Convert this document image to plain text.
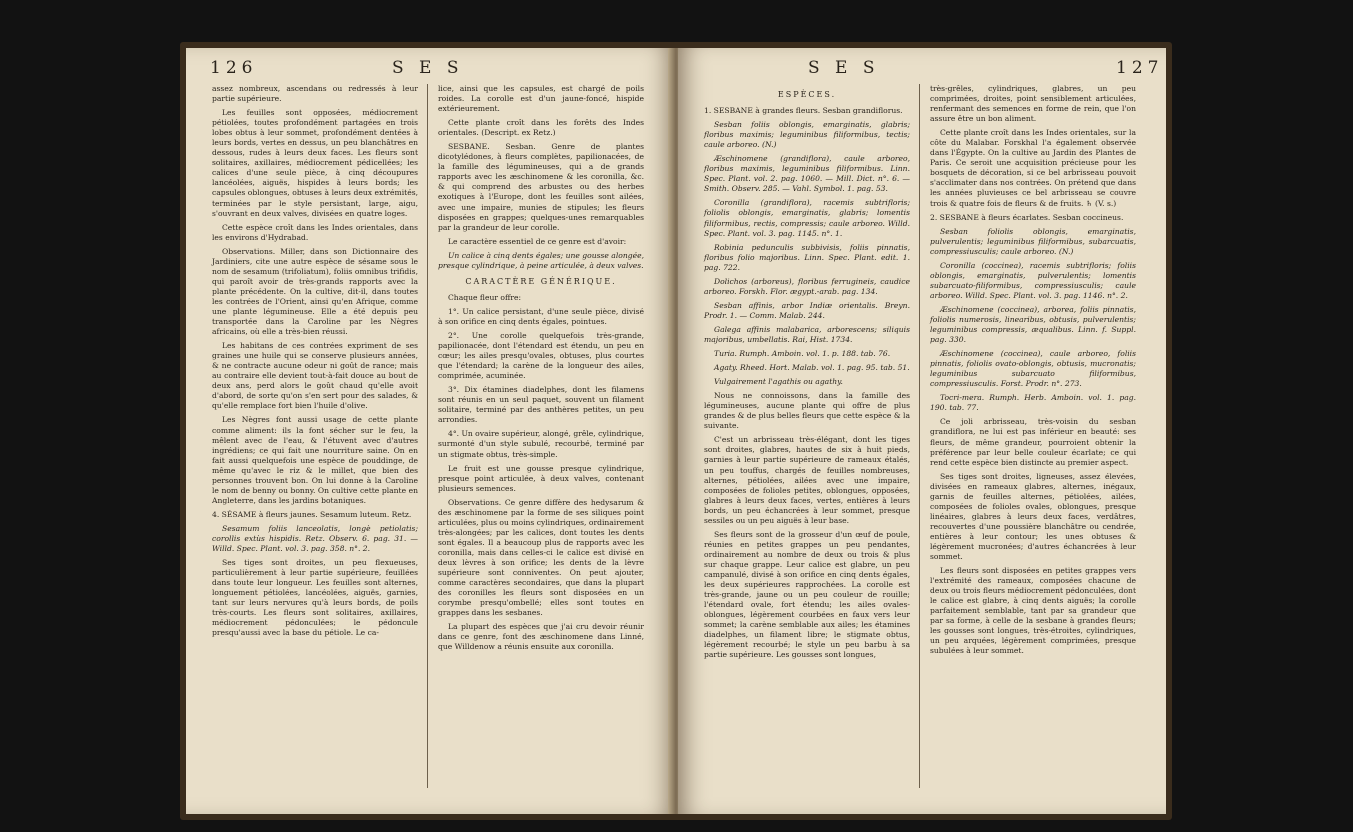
126	S E S

assez nombreux, ascendans ou redressés à leur partie supérieure.

Les feuilles sont opposées, médiocrement pétiolées, toutes profondément partagées en trois lobes obtus à leur sommet, profondément dentées à leurs bords, vertes en dessus, un peu blanchâtres en dessous, rudes à leurs deux faces. Les fleurs sont solitaires, axillaires, médiocrement pédicellées; les calices d'une seule pièce, à cinq découpures lancéolées, aiguës, hispides à leurs bords; les capsules oblongues, obtuses à leurs deux extrémités, terminées par le style persistant, large, aigu, s'ouvrant en deux valves, divisées en quatre loges.

Cette espèce croît dans les Indes orientales, dans les environs d'Hydrabad.

Observations. Miller, dans son Dictionnaire des Jardiniers, cite une autre espèce de sésame sous le nom de sesamum (trifoliatum), foliis omnibus trifidis, qui paroît avoir de très-grands rapports avec la plante précédente. On la cultive, dit-il, dans toutes les contrées de l'Orient, ainsi qu'en Afrique, comme une plante légumineuse. Elle a été depuis peu transportée dans la Caroline par les Nègres africains, où elle a très-bien réussi.

Les habitans de ces contrées expriment de ses graines une huile qui se conserve plusieurs années, & ne contracte aucune odeur ni goût de rance; mais au contraire elle devient tout-à-fait douce au bout de deux ans, perd alors le goût chaud qu'elle avoit d'abord, de sorte qu'on s'en sert pour des salades, & qu'elle remplace fort bien l'huile d'olive.

Les Nègres font aussi usage de cette plante comme aliment: ils la font sécher sur le feu, la mêlent avec de l'eau, & l'étuvent avec d'autres ingrédiens; ce qui fait une nourriture saine. On en fait aussi quelquefois une espèce de pouddinge, de même qu'avec le riz & le millet, que bien des personnes trouvent bon. On lui donne à la Caroline le nom de benny ou bonny. On cultive cette plante en Angleterre, dans les jardins botaniques.

4. SÉSAME à fleurs jaunes. Sesamum luteum. Retz.

Sesamum foliis lanceolatis, longè petiolatis; corollis extùs hispidis. Retz. Observ. 6. pag. 31. — Willd. Spec. Plant. vol. 3. pag. 358. n°. 2.

Ses tiges sont droites, un peu flexueuses, particulièrement à leur partie supérieure, feuillées dans toute leur longueur. Les feuilles sont alternes, longuement pétiolées, lancéolées, aiguës, garnies, tant sur leurs nervures qu'à leurs bords, de poils très-courts. Les fleurs sont solitaires, axillaires, médiocrement pédonculées; le pédoncule presqu'aussi avec la base du pétiole. Le ca-

lice, ainsi que les capsules, est chargé de poils roides. La corolle est d'un jaune-foncé, hispide extérieurement.

Cette plante croît dans les forêts des Indes orientales. (Descript. ex Retz.)

SESBANE. Sesban. Genre de plantes dicotylédones, à fleurs complètes, papilionacées, de la famille des légumineuses, qui a de grands rapports avec les æschinomene & les coronilla, &c. & qui comprend des arbustes ou des herbes exotiques à l'Europe, dont les feuilles sont ailées, avec une impaire, munies de stipules; les fleurs disposées en grappes; quelques-unes remarquables par la grandeur de leur corolle.

Le caractère essentiel de ce genre est d'avoir:

Un calice à cinq dents égales; une gousse alongée, presque cylindrique, à peine articulée, à deux valves.

CARACTÈRE GÉNÉRIQUE.

Chaque fleur offre:

1°. Un calice persistant, d'une seule pièce, divisé à son orifice en cinq dents égales, pointues.

2°. Une corolle quelquefois très-grande, papilionacée, dont l'étendard est étendu, un peu en cœur; les ailes presqu'ovales, obtuses, plus courtes que l'étendard; la carène de la longueur des ailes, comprimée, acuminée.

3°. Dix étamines diadelphes, dont les filamens sont réunis en un seul paquet, souvent un filament solitaire, terminé par des anthères petites, un peu arrondies.

4°. Un ovaire supérieur, alongé, grêle, cylindrique, surmonté d'un style subulé, recourbé, terminé par un stigmate obtus, très-simple.

Le fruit est une gousse presque cylindrique, presque point articulée, à deux valves, contenant plusieurs semences.

Observations. Ce genre diffère des hedysarum & des æschinomene par la forme de ses siliques point articulées, plus ou moins cylindriques, ordinairement très-alongées; par les calices, dont toutes les dents sont égales. Il a beaucoup plus de rapports avec les coronilla, mais dans celles-ci le calice est divisé en deux lèvres à son orifice; les dents de la lèvre supérieure sont conniventes. On peut ajouter, comme caractères secondaires, que dans la plupart des coronilles les fleurs sont disposées en un corymbe presqu'ombellé; elles sont toutes en grappes dans les sesbanes.

La plupart des espèces que j'ai cru devoir réunir dans ce genre, font des æschinomene dans Linné, que Willdenow a réunis ensuite aux coronilla.

S E S	127

ESPÈCES.

1. SESBANE à grandes fleurs. Sesban grandiflorus.

Sesban foliis oblongis, emarginatis, glabris; floribus maximis; leguminibus filiformibus, tectis; caule arboreo. (N.)

Æschinomene (grandiflora), caule arboreo, floribus maximis, leguminibus filiformibus. Linn. Spec. Plant. vol. 2. pag. 1060. — Mill. Dict. n°. 6. — Smith. Observ. 285. — Vahl. Symbol. 1. pag. 53.

Coronilla (grandiflora), racemis subtrifloris; foliolis oblongis, emarginatis, glabris; lomentis filiformibus, rectis, compressis; caule arboreo. Willd. Spec. Plant. vol. 3. pag. 1145. n°. 1.

Robinia pedunculis subbivisis, foliis pinnatis, floribus folio majoribus. Linn. Spec. Plant. edit. 1. pag. 722.

Dolichos (arboreus), floribus ferrugineis, caudice arboreo. Forskh. Flor. ægypt.-arab. pag. 134.

Sesban affinis, arbor Indiæ orientalis. Breyn. Prodr. 1. — Comm. Malab. 244.

Galega affinis malabarica, arborescens; siliquis majoribus, umbellatis. Rai, Hist. 1734.

Turia. Rumph. Amboin. vol. 1. p. 188. tab. 76.

Agaty. Rheed. Hort. Malab. vol. 1. pag. 95. tab. 51.

Vulgairement l'agathis ou agathy.

Nous ne connoissons, dans la famille des légumineuses, aucune plante qui offre de plus grandes & de plus belles fleurs que cette espèce & la suivante.

C'est un arbrisseau très-élégant, dont les tiges sont droites, glabres, hautes de six à huit pieds, garnies à leur partie supérieure de rameaux étalés, un peu touffus, chargés de feuilles nombreuses, alternes, pétiolées, ailées avec une impaire, composées de folioles petites, oblongues, opposées, glabres à leurs deux faces, vertes, entières à leurs bords, un peu échancrées à leur sommet, presque sessiles ou un peu aiguës à leur base.

Ses fleurs sont de la grosseur d'un œuf de poule, réunies en petites grappes un peu pendantes, ordinairement au nombre de deux ou trois & plus sur chaque grappe. Leur calice est glabre, un peu campanulé, divisé à son orifice en cinq dents égales, les deux supérieures rapprochées. La corolle est très-grande, jaune ou un peu couleur de rouille; l'étendard ovale, fort étendu; les ailes ovales-oblongues, légèrement courbées en faux vers leur sommet; la carène semblable aux ailes; les étamines diadelphes, un filament libre; le stigmate obtus, légèrement recourbé; le style un peu barbu à sa partie supérieure. Les gousses sont longues,

très-grêles, cylindriques, glabres, un peu comprimées, droites, point sensiblement articulées, renfermant des semences en forme de rein, que l'on assure être un bon aliment.

Cette plante croît dans les Indes orientales, sur la côte du Malabar. Forskhal l'a également observée dans l'Égypte. On la cultive au Jardin des Plantes de Paris. Ce seroit une acquisition précieuse pour les bosquets de décoration, si ce bel arbrisseau pouvoit s'acclimater dans nos contrées. On prétend que dans les années pluvieuses ce bel arbrisseau se couvre trois & quatre fois de fleurs & de fruits. ♄ (V. s.)

2. SESBANE à fleurs écarlates. Sesban coccineus.

Sesban foliolis oblongis, emarginatis, pulverulentis; leguminibus filiformibus, subarcuatis, compressiusculis; caule arboreo. (N.)

Coronilla (coccinea), racemis subtrifloris; foliis oblongis, emarginatis, pulverulentis; lomentis subarcuato-filiformibus, compressiusculis; caule arboreo. Willd. Spec. Plant. vol. 3. pag. 1146. n°. 2.

Æschinomene (coccinea), arborea, foliis pinnatis, foliolis numerosis, linearibus, obtusis, pulverulentis; leguminibus compressis, æqualibus. Linn. f. Suppl. pag. 330.

Æschinomene (coccinea), caule arboreo, foliis pinnatis, foliolis ovato-oblongis, obtusis, mucronatis; leguminibus subarcuato filiformibus, compressiusculis. Forst. Prodr. n°. 273.

Tocri-mera. Rumph. Herb. Amboin. vol. 1. pag. 190. tab. 77.

Ce joli arbrisseau, très-voisin du sesban grandiflora, ne lui est pas inférieur en beauté: ses fleurs, de même grandeur, pourroient obtenir la préférence par leur belle couleur écarlate; ce qui rend cette espèce bien distincte au premier aspect.

Ses tiges sont droites, ligneuses, assez élevées, divisées en rameaux glabres, alternes, inégaux, garnis de feuilles alternes, pétiolées, ailées, composées de folioles ovales, oblongues, presque linéaires, glabres à leurs deux faces, verdâtres, recouvertes d'une poussière blanchâtre ou cendrée, entières à leur contour; les unes obtuses & légèrement mucronées; d'autres échancrées à leur sommet.

Les fleurs sont disposées en petites grappes vers l'extrémité des rameaux, composées chacune de deux ou trois fleurs médiocrement pédonculées, dont le calice est glabre, à cinq dents aiguës; la corolle parfaitement semblable, tant par sa grandeur que par sa forme, à celle de la sesbane à grandes fleurs; les gousses sont longues, très-étroites, cylindriques, un peu arquées, légèrement comprimées, presque subulées à leur sommet.
